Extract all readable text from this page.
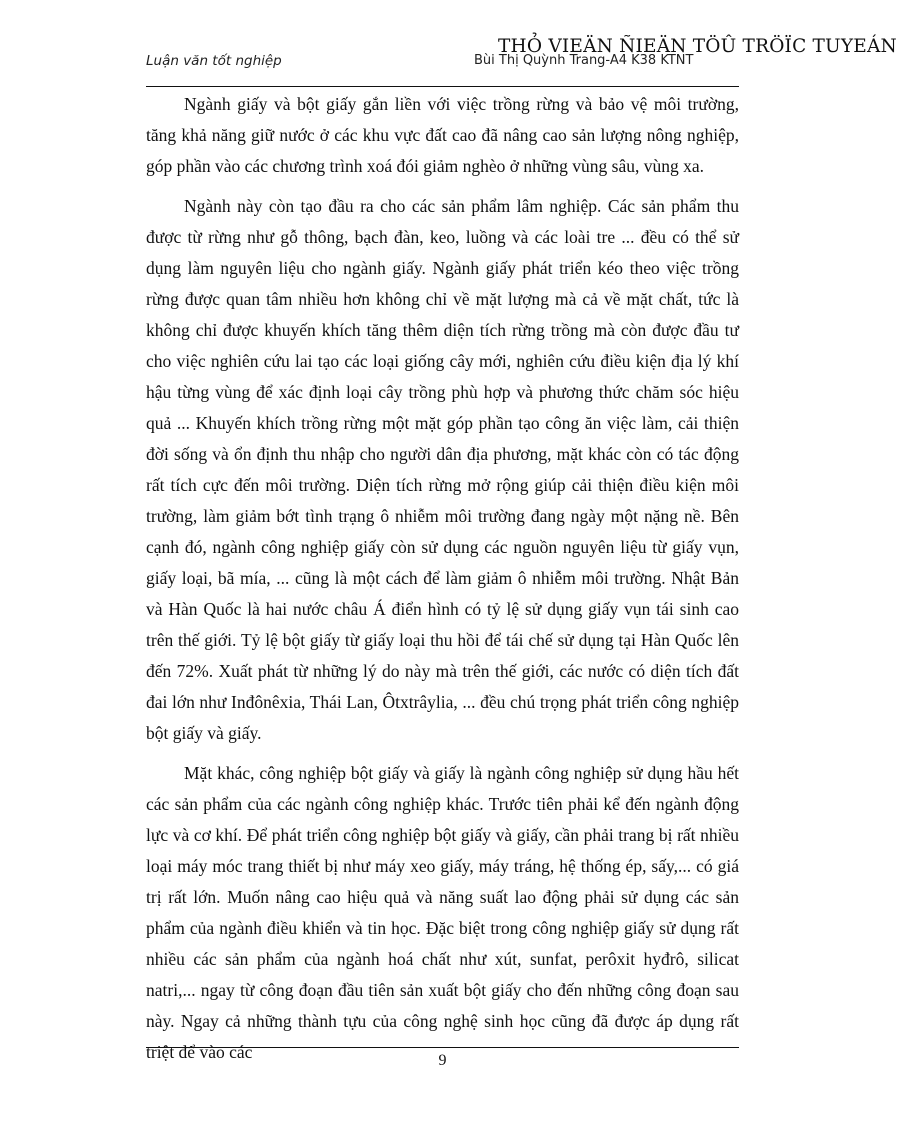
THỎ VIEÄN ÑIEÄN TÖÛ TRÖÏC TUYEÁN
Luận văn tốt nghiệp	Bùi Thị Quỳnh Trang-A4 K38 KTNT

Ngành giấy và bột giấy gắn liền với việc trồng rừng và bảo vệ môi trường, tăng khả năng giữ nước ở các khu vực đất cao đã nâng cao sản lượng nông nghiệp, góp phần vào các chương trình xoá đói giảm nghèo ở những vùng sâu, vùng xa.

Ngành này còn tạo đầu ra cho các sản phẩm lâm nghiệp. Các sản phẩm thu được từ rừng như gỗ thông, bạch đàn, keo, luồng và các loài tre ... đều có thể sử dụng làm nguyên liệu cho ngành giấy. Ngành giấy phát triển kéo theo việc trồng rừng được quan tâm nhiều hơn không chỉ về mặt lượng mà cả về mặt chất, tức là không chỉ được khuyến khích tăng thêm diện tích rừng trồng mà còn được đầu tư cho việc nghiên cứu lai tạo các loại giống cây mới, nghiên cứu điều kiện địa lý khí hậu từng vùng để xác định loại cây trồng phù hợp và phương thức chăm sóc hiệu quả ... Khuyến khích trồng rừng một mặt góp phần tạo công ăn việc làm, cải thiện đời sống và ổn định thu nhập cho người dân địa phương, mặt khác còn có tác động rất tích cực đến môi trường. Diện tích rừng mở rộng giúp cải thiện điều kiện môi trường, làm giảm bớt tình trạng ô nhiễm môi trường đang ngày một nặng nề. Bên cạnh đó, ngành công nghiệp giấy còn sử dụng các nguồn nguyên liệu từ giấy vụn, giấy loại, bã mía, ... cũng là một cách để làm giảm ô nhiễm môi trường. Nhật Bản và Hàn Quốc là hai nước châu Á điển hình có tỷ lệ sử dụng giấy vụn tái sinh cao trên thế giới. Tỷ lệ bột giấy từ giấy loại thu hồi để tái chế sử dụng tại Hàn Quốc lên đến 72%. Xuất phát từ những lý do này mà trên thế giới, các nước có diện tích đất đai lớn như Inđônêxia, Thái Lan, Ôtxtrâylia, ... đều chú trọng phát triển công nghiệp bột giấy và giấy.

Mặt khác, công nghiệp bột giấy và giấy là ngành công nghiệp sử dụng hầu hết các sản phẩm của các ngành công nghiệp khác. Trước tiên phải kể đến ngành động lực và cơ khí. Để phát triển công nghiệp bột giấy và giấy, cần phải trang bị rất nhiều loại máy móc trang thiết bị như máy xeo giấy, máy tráng, hệ thống ép, sấy,... có giá trị rất lớn. Muốn nâng cao hiệu quả và năng suất lao động phải sử dụng các sản phẩm của ngành điều khiển và tin học. Đặc biệt trong công nghiệp giấy sử dụng rất nhiều các sản phẩm của ngành hoá chất như xút, sunfat, perôxit hyđrô, silicat natri,... ngay từ công đoạn đầu tiên sản xuất bột giấy cho đến những công đoạn sau này. Ngay cả những thành tựu của công nghệ sinh học cũng đã được áp dụng rất triệt để vào các	9
